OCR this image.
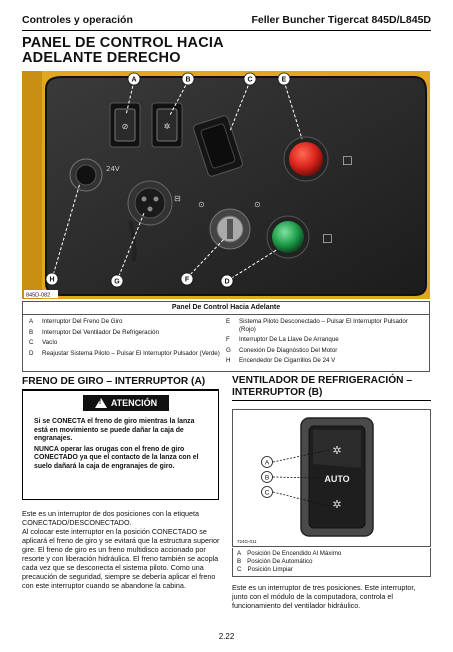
Controles y operación	Feller Buncher Tigercat 845D/L845D
PANEL DE CONTROL HACIA
ADELANTE DERECHO
⊘	✲
☐
☐
⊙	⊙
⊟
24V
A	B	C	E
F	D
G
H
845D-082
Panel De Control Hacia Adelante
A Interruptor Del Freno De Giro
B Interruptor Del Ventilador De Refrigeración
C Vacío
D Reajustar Sistema Piloto – Pulsar El Interruptor Pulsador (Verde)
E Sistema Piloto Desconectado – Pulsar El Interruptor Pulsador (Rojo)
F	Interruptor De La Llave De Arranque
G Conexión De Diagnóstico Del Motor
H Encendedor De Cigarrillos De 24 V
FRENO DE GIRO – INTERRUPTOR (A)
! ATENCIÓN

Si se CONECTA el freno de giro mientras la lanza está en movimiento se puede dañar la caja de engranajes.

NUNCA operar las orugas con el freno de giro CONECTADO ya que el contacto de la lanza con el suelo dañará la caja de engranajes de giro.

Este es un interruptor de dos posiciones con la etiqueta CONECTADO/DESCONECTADO.

Al colocar este interruptor en la posición CONECTADO se aplicará el freno de giro y se evitará que la estructura superior gire. El freno de giro es un freno multidisco accionado por resorte y con liberación hidráulica. El freno también se acopla cada vez que se desconecta el sistema piloto. Como una precaución de seguridad, siempre se debería aplicar el freno con este interruptor cuando se abandone la cabina.

VENTILADOR DE REFRIGERACIÓN –
INTERRUPTOR (B)
✲
AUTO
✲
A
B
C
724G-011
A Posición De Encendido Al Máximo
B Posición De Automático
C Posición Limpiar
Este es un interruptor de tres posiciones. Este interruptor, junto con el módulo de la computadora, controla el funcionamiento del ventilador hidráulico.
2.22
